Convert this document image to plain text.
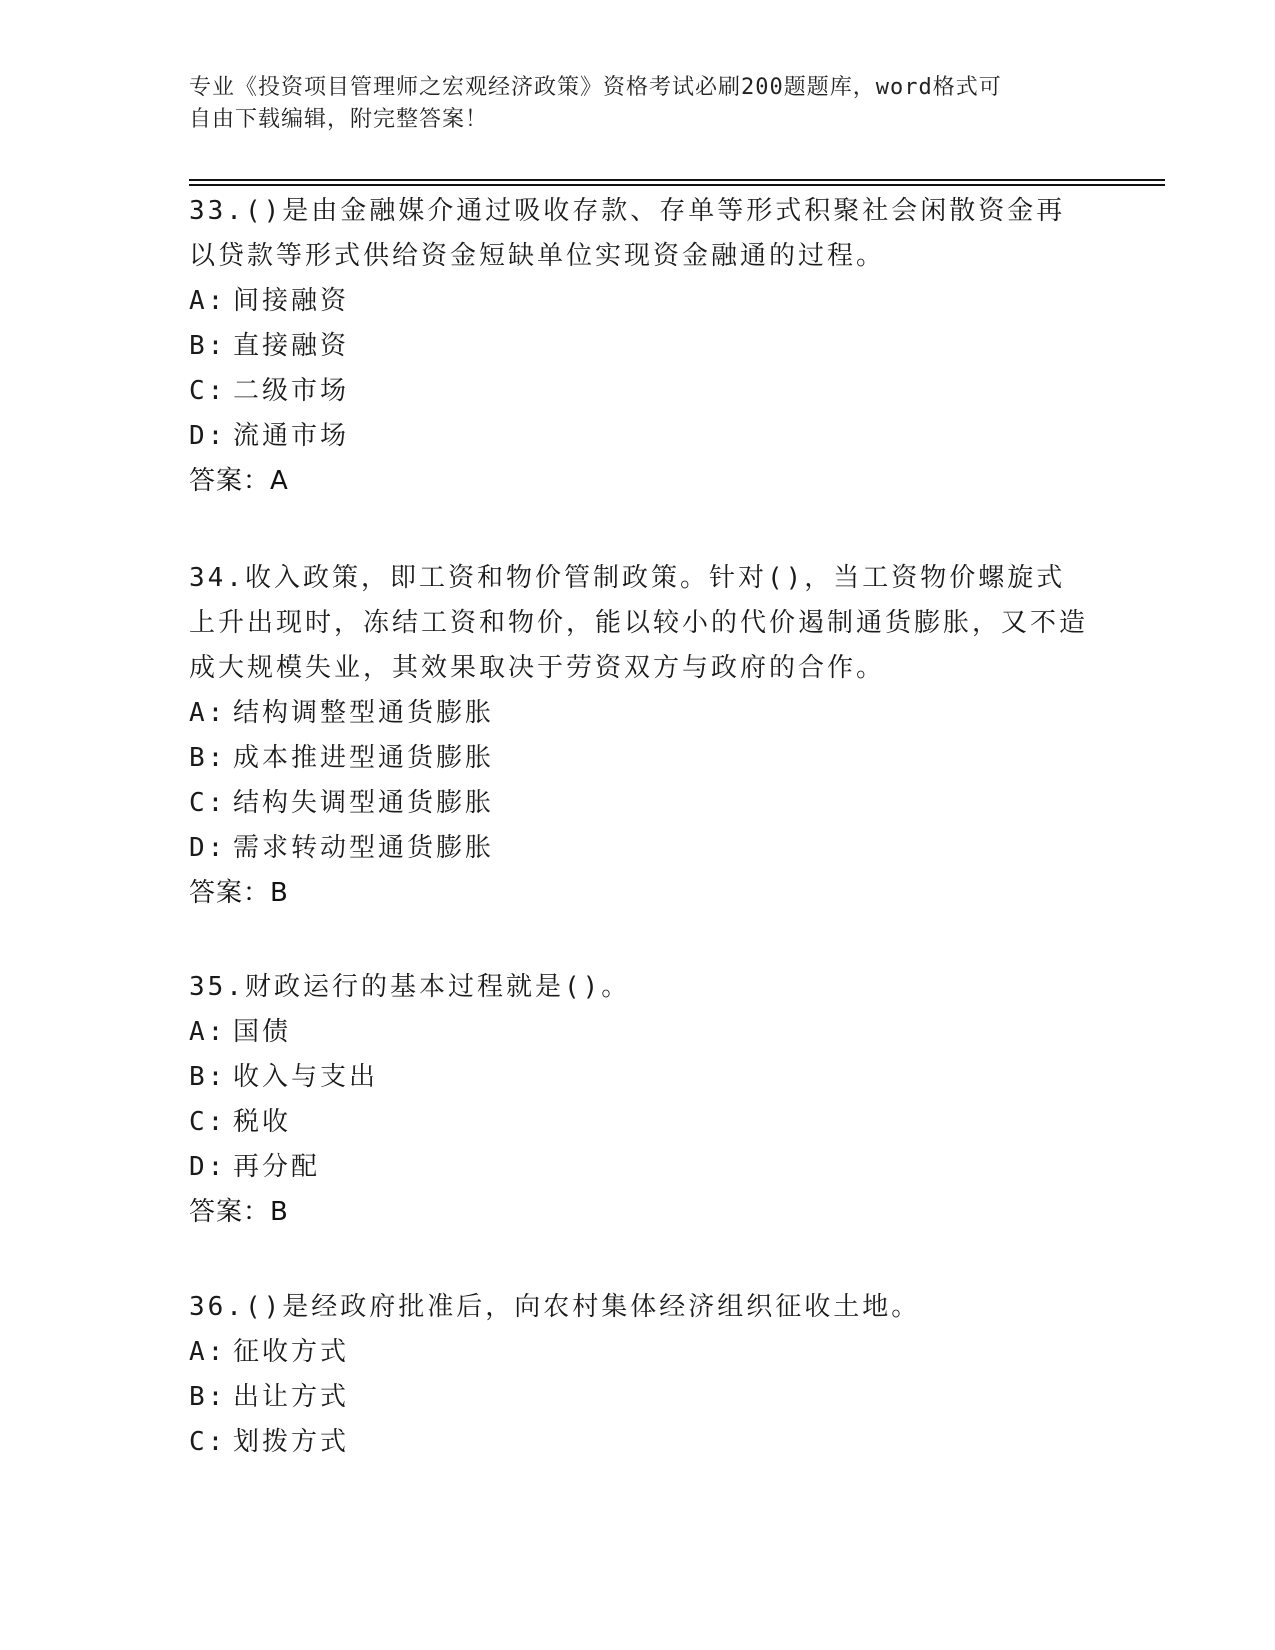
专业《投资项目管理师之宏观经济政策》资格考试必刷200题题库，word格式可
自由下载编辑，附完整答案！

33.()是由金融媒介通过吸收存款、存单等形式积聚社会闲散资金再以贷款等形式供给资金短缺单位实现资金融通的过程。

A: 间接融资
B: 直接融资
C: 二级市场
D: 流通市场
答案：A

34.收入政策，即工资和物价管制政策。针对()，当工资物价螺旋式上升出现时，冻结工资和物价，能以较小的代价遏制通货膨胀，又不造成大规模失业，其效果取决于劳资双方与政府的合作。

A: 结构调整型通货膨胀
B: 成本推进型通货膨胀
C: 结构失调型通货膨胀
D: 需求转动型通货膨胀
答案：B

35.财政运行的基本过程就是()。

A: 国债
B: 收入与支出
C: 税收
D: 再分配
答案：B

36.()是经政府批准后，向农村集体经济组织征收土地。

A: 征收方式
B: 出让方式
C: 划拨方式
